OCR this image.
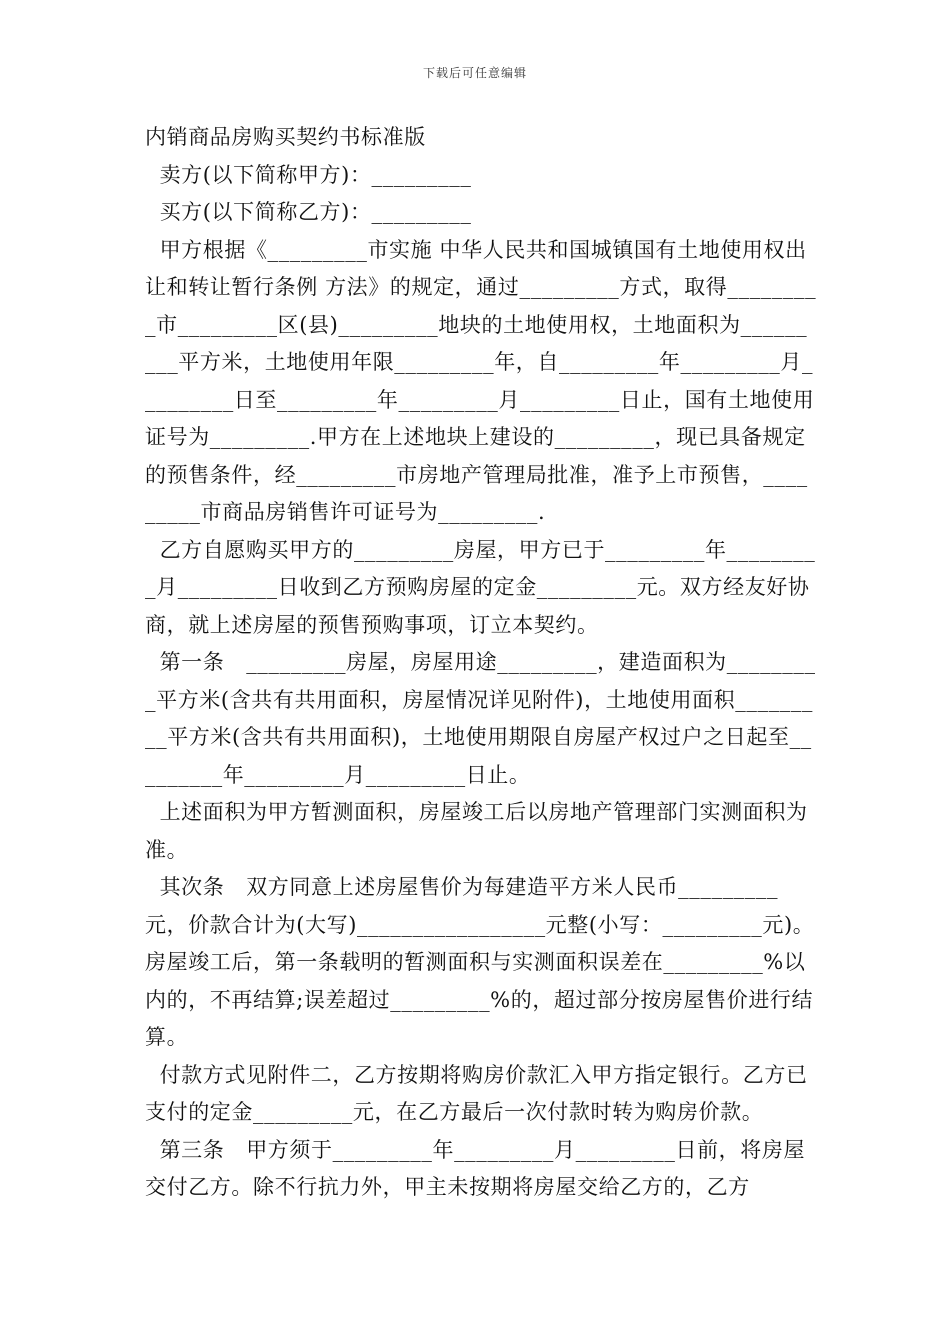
下载后可任意编辑

内销商品房购买契约书标准版

卖方(以下简称甲方)：_________

买方(以下简称乙方)：_________

甲方根据《_________市实施 中华人民共和国城镇国有土地使用权出让和转让暂行条例 方法》的规定，通过_________方式，取得_________市_________区(县)_________地块的土地使用权，土地面积为_________平方米，土地使用年限_________年，自_________年_________月_________日至_________年_________月_________日止，国有土地使用证号为_________.甲方在上述地块上建设的_________，现已具备规定的预售条件，经_________市房地产管理局批准，准予上市预售，_________市商品房销售许可证号为_________.

乙方自愿购买甲方的_________房屋，甲方已于_________年_________月_________日收到乙方预购房屋的定金_________元。双方经友好协商，就上述房屋的预售预购事项，订立本契约。

第一条   _________房屋，房屋用途_________，建造面积为_________平方米(含共有共用面积，房屋情况详见附件)，土地使用面积_________平方米(含共有共用面积)，土地使用期限自房屋产权过户之日起至_________年_________月_________日止。

上述面积为甲方暂测面积，房屋竣工后以房地产管理部门实测面积为准。

其次条   双方同意上述房屋售价为每建造平方米人民币_________元，价款合计为(大写)_________________元整(小写：_________元)。房屋竣工后，第一条载明的暂测面积与实测面积误差在_________%以内的，不再结算;误差超过_________%的，超过部分按房屋售价进行结算。

付款方式见附件二，乙方按期将购房价款汇入甲方指定银行。乙方已支付的定金_________元，在乙方最后一次付款时转为购房价款。

第三条   甲方须于_________年_________月_________日前，将房屋交付乙方。除不行抗力外，甲主未按期将房屋交给乙方的，乙方
